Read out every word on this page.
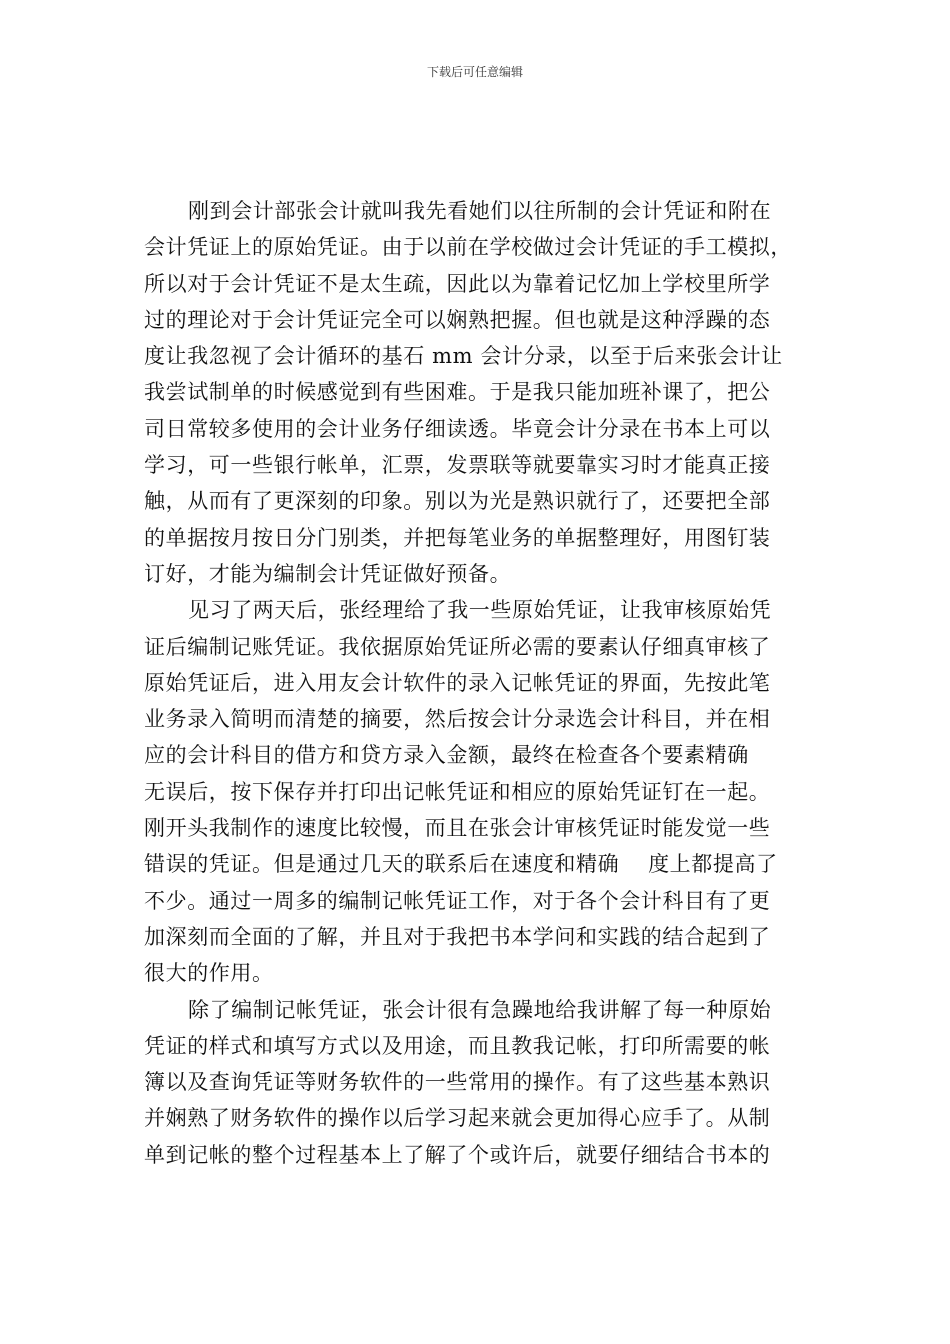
下载后可任意编辑
刚到会计部张会计就叫我先看她们以往所制的会计凭证和附在
会计凭证上的原始凭证。由于以前在学校做过会计凭证的手工模拟，
所以对于会计凭证不是太生疏，因此以为靠着记忆加上学校里所学
过的理论对于会计凭证完全可以娴熟把握。但也就是这种浮躁的态
度让我忽视了会计循环的基石 mm 会计分录，以至于后来张会计让
我尝试制单的时候感觉到有些困难。于是我只能加班补课了，把公
司日常较多使用的会计业务仔细读透。毕竟会计分录在书本上可以
学习，可一些银行帐单，汇票，发票联等就要靠实习时才能真正接
触，从而有了更深刻的印象。别以为光是熟识就行了，还要把全部
的单据按月按日分门别类，并把每笔业务的单据整理好，用图钉装
订好，才能为编制会计凭证做好预备。
见习了两天后，张经理给了我一些原始凭证，让我审核原始凭
证后编制记账凭证。我依据原始凭证所必需的要素认仔细真审核了
原始凭证后，进入用友会计软件的录入记帐凭证的界面，先按此笔
业务录入简明而清楚的摘要，然后按会计分录选会计科目，并在相
应的会计科目的借方和贷方录入金额，最终在检查各个要素精确
无误后，按下保存并打印出记帐凭证和相应的原始凭证钉在一起。
刚开头我制作的速度比较慢，而且在张会计审核凭证时能发觉一些
错误的凭证。但是通过几天的联系后在速度和精确　 度上都提高了
不少。通过一周多的编制记帐凭证工作，对于各个会计科目有了更
加深刻而全面的了解，并且对于我把书本学问和实践的结合起到了
很大的作用。
除了编制记帐凭证，张会计很有急躁地给我讲解了每一种原始
凭证的样式和填写方式以及用途，而且教我记帐，打印所需要的帐
簿以及查询凭证等财务软件的一些常用的操作。有了这些基本熟识
并娴熟了财务软件的操作以后学习起来就会更加得心应手了。从制
单到记帐的整个过程基本上了解了个或许后，就要仔细结合书本的
